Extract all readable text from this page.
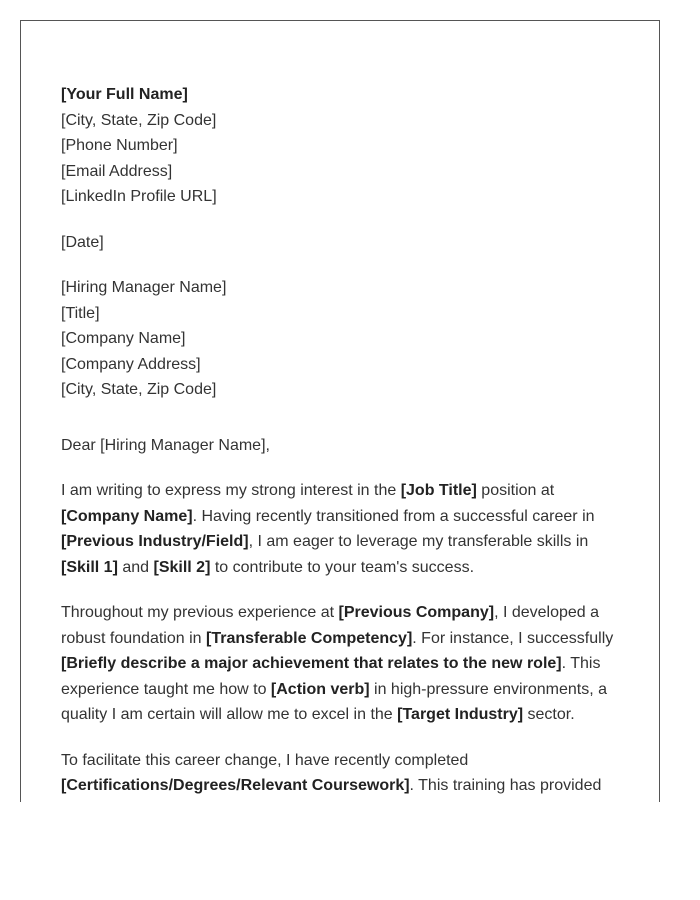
[Your Full Name]
[City, State, Zip Code]
[Phone Number]
[Email Address]
[LinkedIn Profile URL]
[Date]
[Hiring Manager Name]
[Title]
[Company Name]
[Company Address]
[City, State, Zip Code]

Dear [Hiring Manager Name],

I am writing to express my strong interest in the [Job Title] position at [Company Name]. Having recently transitioned from a successful career in [Previous Industry/Field], I am eager to leverage my transferable skills in [Skill 1] and [Skill 2] to contribute to your team's success.

Throughout my previous experience at [Previous Company], I developed a robust foundation in [Transferable Competency]. For instance, I successfully [Briefly describe a major achievement that relates to the new role]. This experience taught me how to [Action verb] in high-pressure environments, a quality I am certain will allow me to excel in the [Target Industry] sector.

To facilitate this career change, I have recently completed [Certifications/Degrees/Relevant Coursework]. This training has provided
